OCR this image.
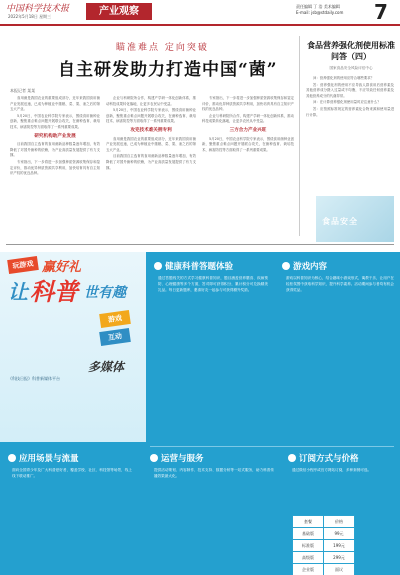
中国科学技术报
2022年5月18日 星期三	产业观察	责任编辑 丁 浩 美术编辑
E-mail: jsb@stdaily.com 7
瞄准难点 定向突破
自主研发助力打造中国“菌”
本报记者 某某

食用菌是我国农业的重要组成部分，近年来我国食用菌产业发展迅速，已成为种植业中继粮、菜、果、油之后的第五大产业。

5月20日，中国农业科学院专家表示，围绕食用菌种业创新，聚焦重点难点问题开展联合攻关，在菌种选育、栽培技术、病害防控等方面取得了一系列重要成果。

研究机构助产业发展

目前我国自主选育的食用菌新品种数量逐年增加，有效降低了对国外菌种的依赖，为产业高质量发展提供了有力支撑。

专家指出，下一步将进一步加强种质资源收集保存和鉴定评价，推动优异种质资源共享利用，加快培育具有自主知识产权的优良品种。

企业与科研院所合作，构建产学研一体化创新体系，推动科技成果转化落地，让更多农民从中受益。

5月20日，中国农业科学院专家表示，围绕食用菌种业创新，聚焦重点难点问题开展联合攻关，在菌种选育、栽培技术、病害防控等方面取得了一系列重要成果。

攻克技术难关拥专利

食用菌是我国农业的重要组成部分，近年来我国食用菌产业发展迅速，已成为种植业中继粮、菜、果、油之后的第五大产业。

目前我国自主选育的食用菌新品种数量逐年增加，有效降低了对国外菌种的依赖，为产业高质量发展提供了有力支撑。

专家指出，下一步将进一步加强种质资源收集保存和鉴定评价，推动优异种质资源共享利用，加快培育具有自主知识产权的优良品种。

企业与科研院所合作，构建产学研一体化创新体系，推动科技成果转化落地，让更多农民从中受益。

三方合力产业兴旺

5月20日，中国农业科学院专家表示，围绕食用菌种业创新，聚焦重点难点问题开展联合攻关，在菌种选育、栽培技术、病害防控等方面取得了一系列重要成果。

食品营养强化剂使用标准问答（四）
国家食品安全风险评估中心

问：营养强化剂的使用应符合哪些要求？

答：营养强化剂的使用不应导致人群食用后营养素及其他营养成分摄入过量或不均衡，不应导致任何营养素及其他营养成分的代谢异常。

问：在计算营养强化剂使用量时应注意什么？

答：应按照标准规定的营养素化合物来源和使用量进行计算。

食品安全
玩游戏 赢好礼
让 科普 世有趣
游戏
互动
多媒体
《科技日报》科普新媒体平台
健康科普答题体验
通过答题闯关的方式学习健康科普知识，题目涵盖营养膳食、疾病预防、心理健康等多个方面，答对即可获得积分，累计积分可兑换精美礼品。每日更新题库，邀请好友一起参与可获得额外奖励。
游戏内容
游戏以科普知识为核心，结合趣味小游戏形式，寓教于乐，让用户在轻松氛围中获取科学知识，提升科学素养。活动期间参与者均有机会获得奖品。
应用场景与流量
面向全国青少年及广大科普爱好者，覆盖学校、社区、科技馆等场景，线上线下联动推广。
运营与服务
提供活动策划、内容制作、技术支持、数据分析等一站式服务，助力科普传播效果最大化。
订阅方式与价格
通过微信小程序或官方网站订阅，多种套餐可选。
套餐	价格
基础版	99元
标准版	199元
高级版	299元
企业版	面议
